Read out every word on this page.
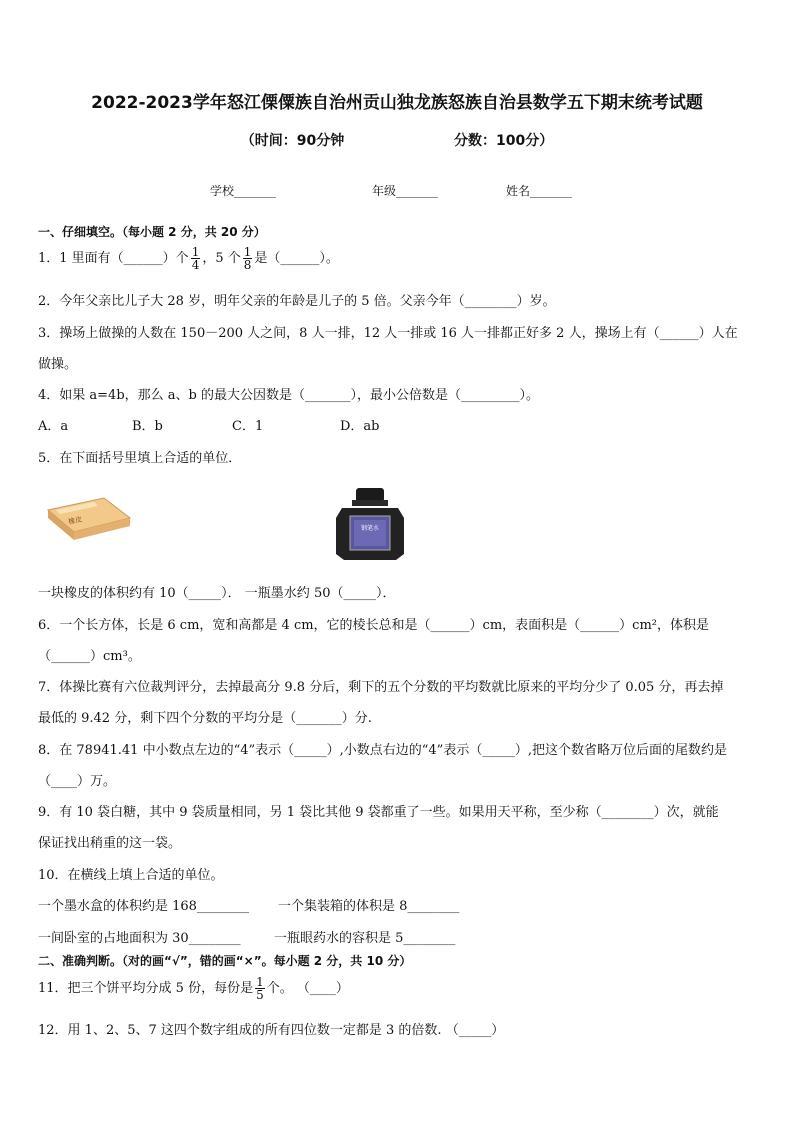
2022-2023学年怒江傈僳族自治州贡山独龙族怒族自治县数学五下期末统考试题
（时间：90分钟	分数：100分）
学校_______	年级_______	姓名_______
一、仔细填空。（每小题 2 分，共 20 分）
1．1 里面有（______）个 $\frac{1}{4}$ ，5 个 $\frac{1}{8}$ 是（______）。
2．今年父亲比儿子大 28 岁，明年父亲的年龄是儿子的 5 倍。父亲今年（________）岁。
3．操场上做操的人数在 150－200 人之间，8 人一排，12 人一排或 16 人一排都正好多 2 人，操场上有（______）人在
做操。
4．如果 a=4b，那么 a、b 的最大公因数是（_______），最小公倍数是（_________）。
A．a	B．b	C．1	D．ab
5．在下面括号里填上合适的单位．
橡皮
钢笔水
一块橡皮的体积约有 10（_____）． 一瓶墨水约 50（_____）．
6．一个长方体，长是 6 cm，宽和高都是 4 cm，它的棱长总和是（______）cm，表面积是（______）cm²，体积是
（______）cm³。
7．体操比赛有六位裁判评分，去掉最高分 9.8 分后，剩下的五个分数的平均数就比原来的平均分少了 0.05 分，再去掉
最低的 9.42 分，剩下四个分数的平均分是（_______）分.
8．在 78941.41 中小数点左边的“4”表示（_____）,小数点右边的“4”表示（_____）,把这个数省略万位后面的尾数约是
（____）万。
9．有 10 袋白糖，其中 9 袋质量相同，另 1 袋比其他 9 袋都重了一些。如果用天平称，至少称（________）次，就能
保证找出稍重的这一袋。
10．在横线上填上合适的单位。
一个墨水盒的体积约是 168________ 一个集装箱的体积是 8________
一间卧室的占地面积为 30________	一瓶眼药水的容积是 5________
二、准确判断。（对的画“√”，错的画“×”。每小题 2 分，共 10 分）
11．把三个饼平均分成 5 份，每份是 $\frac{1}{5}$ 个。 （____）
12．用 1、2、5、7 这四个数字组成的所有四位数一定都是 3 的倍数. （_____）
